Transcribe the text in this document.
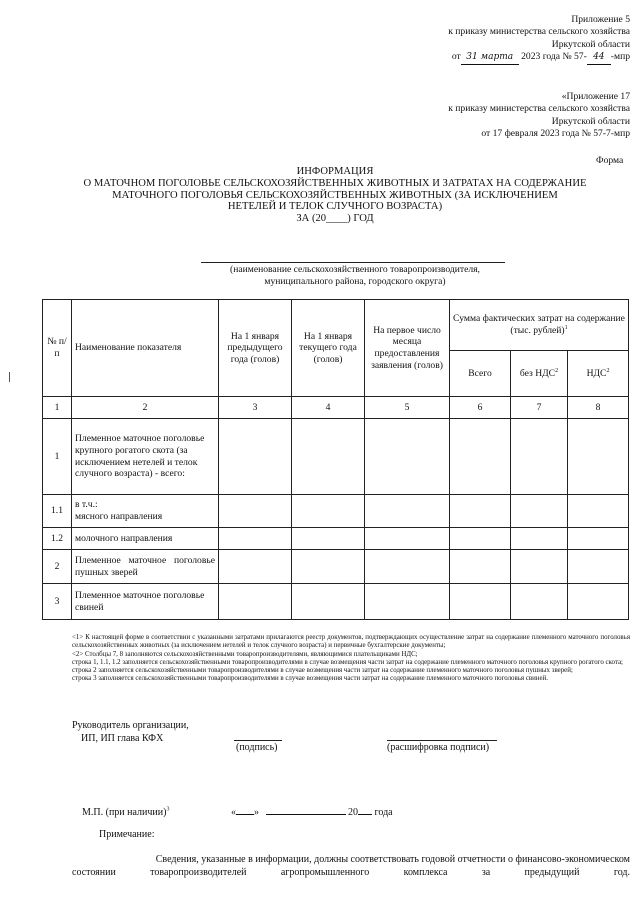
Приложение 5
к приказу министерства сельского хозяйства
Иркутской области
от 31 марта 2023 года № 57- 44 -мпр
«Приложение 17
к приказу министерства сельского хозяйства
Иркутской области
от 17 февраля 2023 года № 57-7-мпр
Форма
ИНФОРМАЦИЯ
О МАТОЧНОМ ПОГОЛОВЬЕ СЕЛЬСКОХОЗЯЙСТВЕННЫХ ЖИВОТНЫХ И ЗАТРАТАХ НА СОДЕРЖАНИЕ
МАТОЧНОГО ПОГОЛОВЬЯ СЕЛЬСКОХОЗЯЙСТВЕННЫХ ЖИВОТНЫХ (ЗА ИСКЛЮЧЕНИЕМ
НЕТЕЛЕЙ И ТЕЛОК СЛУЧНОГО ВОЗРАСТА)
ЗА (20____) ГОД
(наименование сельскохозяйственного товаропроизводителя,
муниципального района, городского округа)
№ п/п	Наименование показателя	На 1 января предыдущего года (голов)	На 1 января текущего года (голов)	На первое число месяца предоставления заявления (голов)	Сумма фактических затрат на содержание (тыс. рублей)$^1$
					Всего	без НДС$^2$	НДС$^2$
1	2	3	4	5	6	7	8
1	Племенное маточное поголовье крупного рогатого скота (за исключением нетелей и телок случного возраста) - всего:						
1.1	в т.ч.:
мясного направления						

1.2	молочного направления						
2	Племенное маточное поголовье пушных зверей						
3	Племенное маточное поголовье свиней						
<1> К настоящей форме в соответствии с указанными затратами прилагаются реестр документов, подтверждающих осуществление затрат на содержание племенного маточного поголовья сельскохозяйственных животных (за исключением нетелей и телок случного возраста) и первичные бухгалтерские документы;
<2> Столбцы 7, 8 заполняются сельскохозяйственными товаропроизводителями, являющимися плательщиками НДС;
строка 1, 1.1, 1.2 заполняется сельскохозяйственными товаропроизводителями в случае возмещения части затрат на содержание племенного маточного поголовья крупного рогатого скота;
строка 2 заполняется сельскохозяйственными товаропроизводителями в случае возмещения части затрат на содержание племенного маточного поголовья пушных зверей;
строка 3 заполняется сельскохозяйственными товаропроизводителями в случае возмещения части затрат на содержание племенного маточного поголовья свиней.
Руководитель организации,
ИП, ИП глава КФХ
(подпись)	(расшифровка подписи)
М.П. (при наличии)$^3$	« »	20 года
Примечание:
Сведения, указанные в информации, должны соответствовать годовой отчетности о финансово-экономическом
состоянии товаропроизводителей агропромышленного комплекса за предыдущий год.
